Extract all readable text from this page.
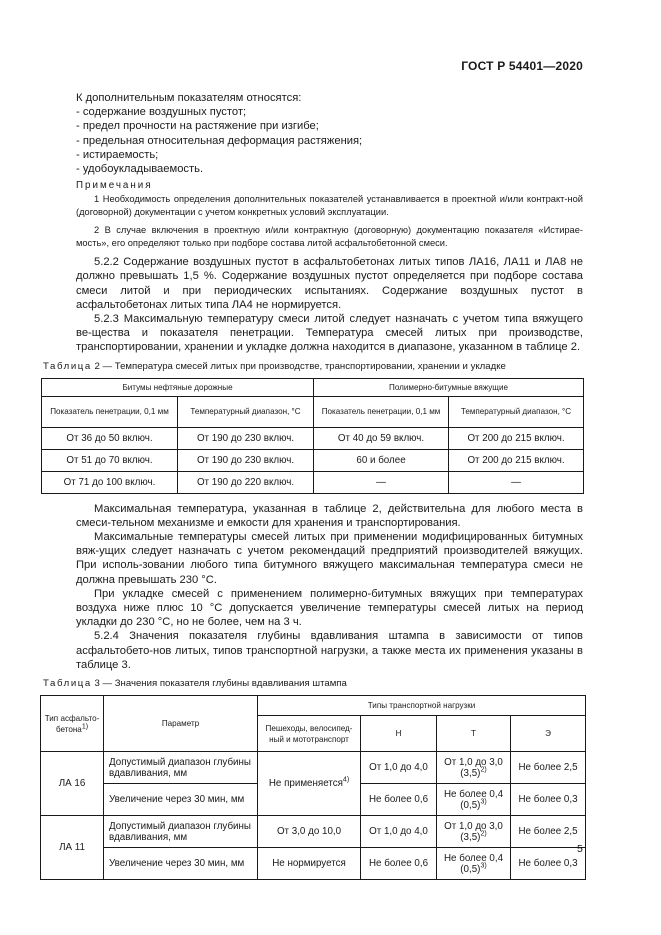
ГОСТ Р 54401—2020

К дополнительным показателям относятся:

- содержание воздушных пустот;

- предел прочности на растяжение при изгибе;

- предельная относительная деформация растяжения;

- истираемость;

- удобоукладываемость.

Примечания

1 Необходимость определения дополнительных показателей устанавливается в проектной и/или контракт-ной (договорной) документации с учетом конкретных условий эксплуатации.

2 В случае включения в проектную и/или контрактную (договорную) документацию показателя «Истирае-мость», его определяют только при подборе состава литой асфальтобетонной смеси.

5.2.2 Содержание воздушных пустот в асфальтобетонах литых типов ЛА16, ЛА11 и ЛА8 не должно превышать 1,5 %. Содержание воздушных пустот определяется при подборе состава смеси литой и при периодических испытаниях. Содержание воздушных пустот в асфальтобетонах литых типа ЛА4 не нормируется.

5.2.3 Максимальную температуру смеси литой следует назначать с учетом типа вяжущего ве-щества и показателя пенетрации. Температура смесей литых при производстве, транспортировании, хранении и укладке должна находится в диапазоне, указанном в таблице 2.

Таблица 2 — Температура смесей литых при производстве, транспортировании, хранении и укладке

Битумы нефтяные дорожные		Полимерно-битумные вяжущие	
Показатель пенетрации, 0,1 мм	Температурный диапазон, °С	Показатель пенетрации, 0,1 мм	Температурный диапазон, °С
От 36 до 50 включ.	От 190 до 230 включ.	От 40 до 59 включ.	От 200 до 215 включ.
От 51 до 70 включ.	От 190 до 230 включ.	60 и более	От 200 до 215 включ.
От 71 до 100 включ.	От 190 до 220 включ.	—	—

Максимальная температура, указанная в таблице 2, действительна для любого места в смеси-тельном механизме и емкости для хранения и транспортирования.

Максимальные температуры смесей литых при применении модифицированных битумных вяж-ущих следует назначать с учетом рекомендаций предприятий производителей вяжущих. При исполь-зовании любого типа битумного вяжущего максимальная температура смеси не должна превышать 230 °С.

При укладке смесей с применением полимерно-битумных вяжущих при температурах воздуха ниже плюс 10 °С допускается увеличение температуры смесей литых на период укладки до 230 °С, но не более, чем на 3 ч.

5.2.4 Значения показателя глубины вдавливания штампа в зависимости от типов асфальтобето-нов литых, типов транспортной нагрузки, а также места их применения указаны в таблице 3.

Таблица 3 — Значения показателя глубины вдавливания штампа

Тип асфальто-бетона$^{1)}$	Параметр	Типы транспортной нагрузки			
		Пешеходы, велосипед-ный и мототранспорт	Н	Т	Э
ЛА 16	Допустимый диапазон глубины вдавливания, мм	Не применяется$^{4)}$	От 1,0 до 4,0	От 1,0 до 3,0 $(3,5)^{2)}$	Не более 2,5
	Увеличение через 30 мин, мм		Не более 0,6	Не более 0,4 $(0,5)^{3)}$	Не более 0,3
ЛА 11	Допустимый диапазон глубины вдавливания, мм	От 3,0 до 10,0	От 1,0 до 4,0	От 1,0 до 3,0 $(3,5)^{2)}$	Не более 2,5
	Увеличение через 30 мин, мм	Не нормируется	Не более 0,6	Не более 0,4 $(0,5)^{3)}$	Не более 0,3
5
